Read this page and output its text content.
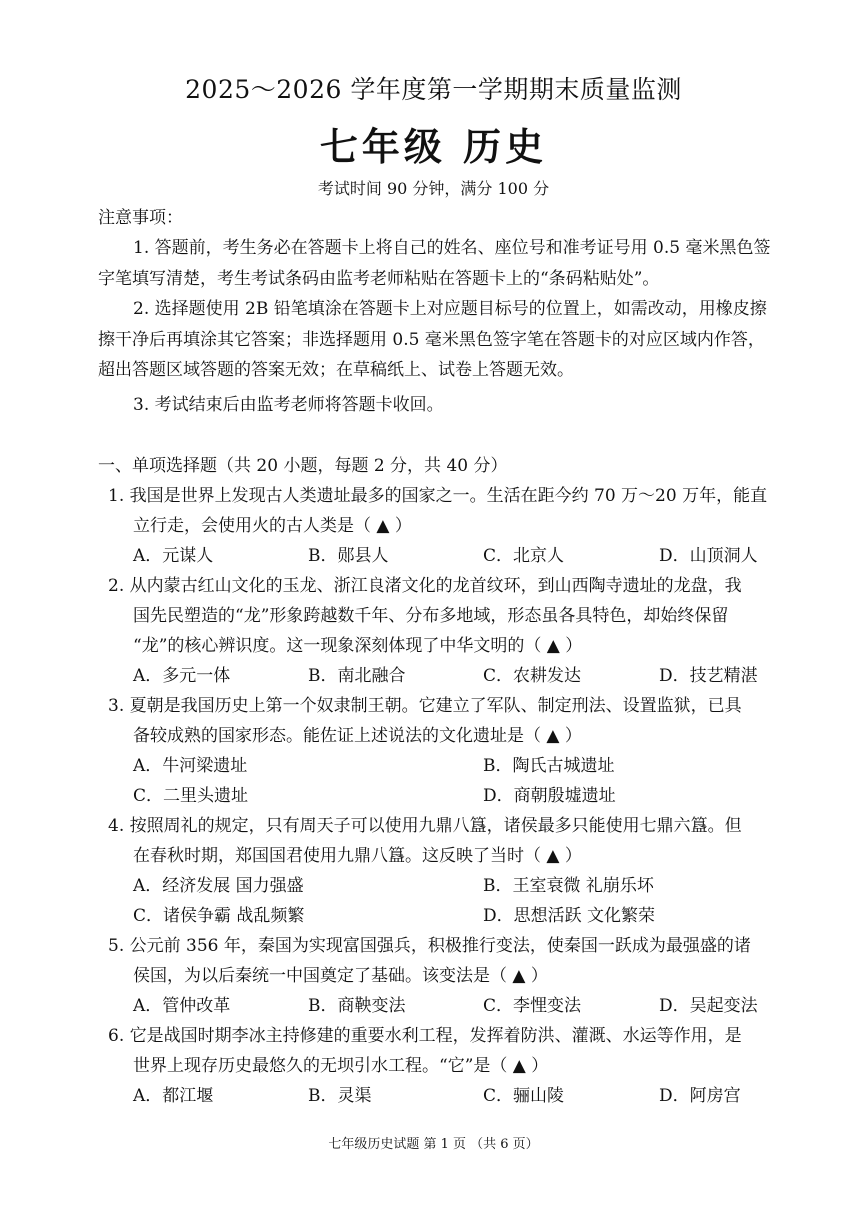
2025～2026 学年度第一学期期末质量监测
七年级 历史
考试时间 90 分钟，满分 100 分
注意事项：
1. 答题前，考生务必在答题卡上将自己的姓名、座位号和准考证号用 0.5 毫米黑色签
字笔填写清楚，考生考试条码由监考老师粘贴在答题卡上的“条码粘贴处”。
2. 选择题使用 2B 铅笔填涂在答题卡上对应题目标号的位置上，如需改动，用橡皮擦
擦干净后再填涂其它答案；非选择题用 0.5 毫米黑色签字笔在答题卡的对应区域内作答，
超出答题区域答题的答案无效；在草稿纸上、试卷上答题无效。
3. 考试结束后由监考老师将答题卡收回。
一、单项选择题（共 20 小题，每题 2 分，共 40 分）
1. 我国是世界上发现古人类遗址最多的国家之一。生活在距今约 70 万～20 万年，能直
立行走，会使用火的古人类是（ ▲ ）
A．元谋人	B．郧县人	C．北京人	D．山顶洞人
2. 从内蒙古红山文化的玉龙、浙江良渚文化的龙首纹环，到山西陶寺遗址的龙盘，我
国先民塑造的“龙”形象跨越数千年、分布多地域，形态虽各具特色，却始终保留
“龙”的核心辨识度。这一现象深刻体现了中华文明的（ ▲ ）
A．多元一体	B．南北融合	C．农耕发达	D．技艺精湛
3. 夏朝是我国历史上第一个奴隶制王朝。它建立了军队、制定刑法、设置监狱，已具
备较成熟的国家形态。能佐证上述说法的文化遗址是（ ▲ ）
A．牛河梁遗址	B．陶氏古城遗址
C．二里头遗址	D．商朝殷墟遗址
4. 按照周礼的规定，只有周天子可以使用九鼎八簋，诸侯最多只能使用七鼎六簋。但
在春秋时期，郑国国君使用九鼎八簋。这反映了当时（ ▲ ）
A．经济发展 国力强盛	B．王室衰微 礼崩乐坏
C．诸侯争霸 战乱频繁	D．思想活跃 文化繁荣
5. 公元前 356 年，秦国为实现富国强兵，积极推行变法，使秦国一跃成为最强盛的诸
侯国，为以后秦统一中国奠定了基础。该变法是（ ▲ ）
A．管仲改革	B．商鞅变法	C．李悝变法	D．吴起变法
6. 它是战国时期李冰主持修建的重要水利工程，发挥着防洪、灌溉、水运等作用，是
世界上现存历史最悠久的无坝引水工程。“它”是（ ▲ ）
A．都江堰	B．灵渠	C．骊山陵	D．阿房宫
七年级历史试题 第 1 页 （共 6 页）
